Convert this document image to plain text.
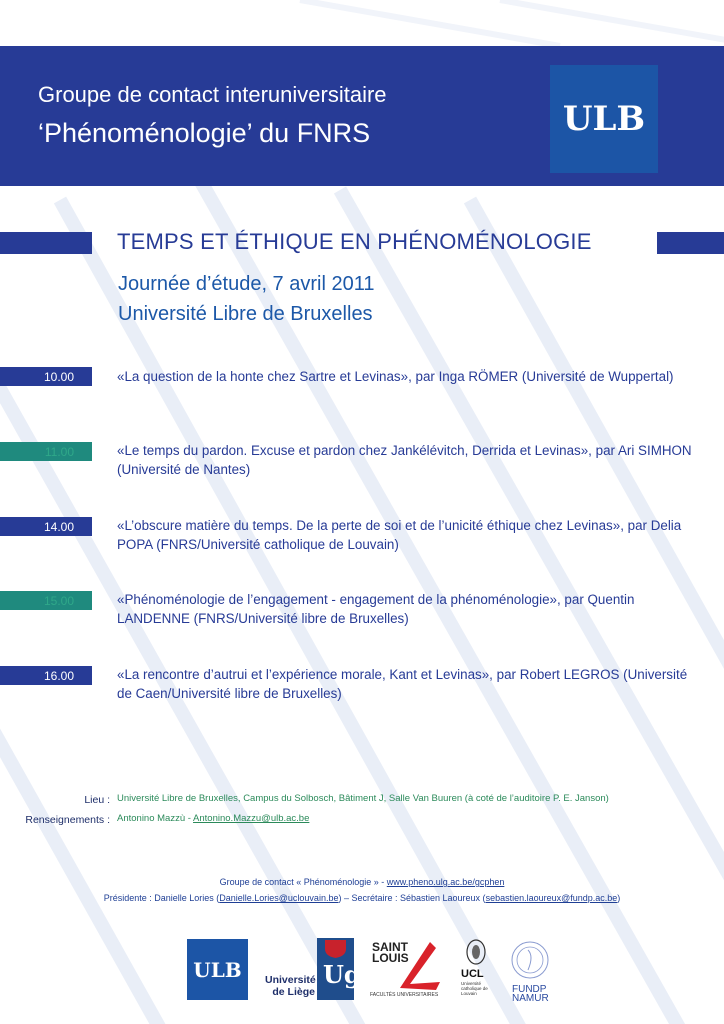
Groupe de contact interuniversitaire
‘Phénoménologie’ du FNRS	ULB
TEMPS ET ÉTHIQUE EN PHÉNOMÉNOLOGIE
Journée d’étude, 7 avril 2011
Université Libre de Bruxelles
10.00	«La question de la honte chez Sartre et Levinas», par Inga RÖMER (Université de Wuppertal)
11.00	«Le temps du pardon. Excuse et pardon chez Jankélévitch, Derrida et Levinas», par Ari SIMHON (Université de Nantes)
14.00	«L’obscure matière du temps. De la perte de soi et de l’unicité éthique chez Levinas», par Delia POPA (FNRS/Université catholique de Louvain)
15.00	«Phénoménologie de l’engagement - engagement de la phénoménologie», par Quentin LANDENNE (FNRS/Université libre de Bruxelles)
16.00	«La rencontre d’autrui et l’expérience morale, Kant et Levinas», par Robert LEGROS (Université de Caen/Université libre de Bruxelles)
Lieu : Université Libre de Bruxelles, Campus du Solbosch, Bâtiment J, Salle Van Buuren (à coté de l’auditoire P. E. Janson)
Renseignements : Antonino Mazzù - Antonino.Mazzu@ulb.ac.be
Groupe de contact « Phénoménologie » - www.pheno.ulg.ac.be/gcphen
Présidente : Danielle Lories (Danielle.Lories@uclouvain.be) – Secrétaire : Sébastien Laoureux (sebastien.laoureux@fundp.ac.be)
ULB	Université de Liège
Ug
SAINT LOUIS
FACULTÉS UNIVERSITAIRES
UCL
Université catholique de Louvain	FUNDP NAMUR
